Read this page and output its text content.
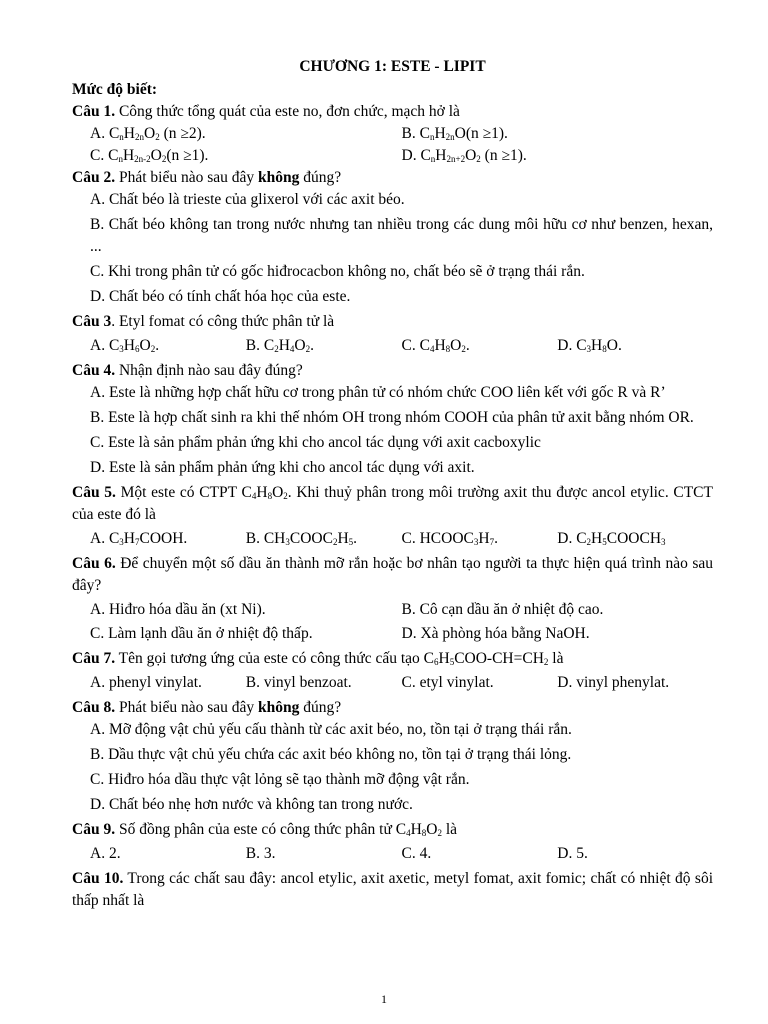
CHƯƠNG 1: ESTE - LIPIT
Mức độ biết:
Câu 1. Công thức tổng quát của este no, đơn chức, mạch hở là
A. $C_nH_{2n}O_2$ (n ≥2).	B. $C_nH_{2n}O(n \ge 1)$.
C. $C_nH_{2n-2}O_2(n \ge 1)$.	D. $C_nH_{2n+2}O_2$ (n ≥1).
Câu 2. Phát biểu nào sau đây không đúng?
A. Chất béo là trieste của glixerol với các axit béo.
B. Chất béo không tan trong nước nhưng tan nhiều trong các dung môi hữu cơ như benzen, hexan, ...
C. Khi trong phân tử có gốc hiđrocacbon không no, chất béo sẽ ở trạng thái rắn.
D. Chất béo có tính chất hóa học của este.
Câu 3. Etyl fomat có công thức phân tử là
A. $C_3H_6O_2$.	B. $C_2H_4O_2$.	C. $C_4H_8O_2$.	D. $C_3H_8O$.
Câu 4. Nhận định nào sau đây đúng?
A. Este là những hợp chất hữu cơ trong phân tử có nhóm chức COO liên kết với gốc R và R’
B. Este là hợp chất sinh ra khi thế nhóm OH trong nhóm COOH của phân tử axit bằng nhóm OR.
C. Este là sản phẩm phản ứng khi cho ancol tác dụng với axit cacboxylic
D. Este là sản phẩm phản ứng khi cho ancol tác dụng với axit.
Câu 5. Một este có CTPT $C_4H_8O_2$. Khi thuỷ phân trong môi trường axit thu được ancol etylic. CTCT của este đó là
A. $C_3H_7COOH$.	B. $CH_3COOC_2H_5$.	C. $HCOOC_3H_7$.	D. $C_2H_5COOCH_3$
Câu 6. Để chuyển một số dầu ăn thành mỡ rắn hoặc bơ nhân tạo người ta thực hiện quá trình nào sau đây?
A. Hiđro hóa dầu ăn (xt Ni).	B. Cô cạn dầu ăn ở nhiệt độ cao.
C. Làm lạnh dầu ăn ở nhiệt độ thấp.	D. Xà phòng hóa bằng NaOH.
Câu 7. Tên gọi tương ứng của este có công thức cấu tạo $C_6H_5COO-CH=CH_2$ là
A. phenyl vinylat.	B. vinyl benzoat.	C. etyl vinylat.	D. vinyl phenylat.
Câu 8. Phát biểu nào sau đây không đúng?
A. Mỡ động vật chủ yếu cấu thành từ các axit béo, no, tồn tại ở trạng thái rắn.
B. Dầu thực vật chủ yếu chứa các axit béo không no, tồn tại ở trạng thái lỏng.
C. Hiđro hóa dầu thực vật lỏng sẽ tạo thành mỡ động vật rắn.
D. Chất béo nhẹ hơn nước và không tan trong nước.
Câu 9. Số đồng phân của este có công thức phân tử $C_4H_8O_2$ là
A. 2.	B. 3.	C. 4.	D. 5.
Câu 10. Trong các chất sau đây: ancol etylic, axit axetic, metyl fomat, axit fomic; chất có nhiệt độ sôi thấp nhất là
1
